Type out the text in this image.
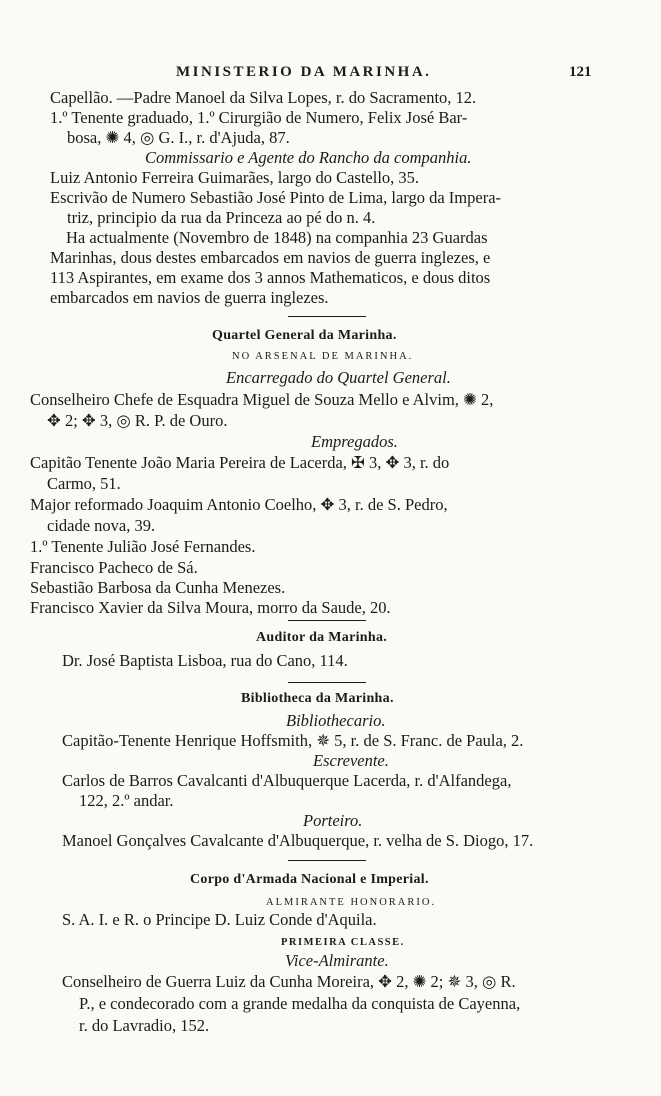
MINISTERIO DA MARINHA.	121

Capellão. —Padre Manoel da Silva Lopes, r. do Sacramento, 12.

1.º Tenente graduado, 1.º Cirurgião de Numero, Felix José Bar-

bosa, ✺ 4, ◎ G. I., r. d'Ajuda, 87.

Commissario e Agente do Rancho da companhia.

Luiz Antonio Ferreira Guimarães, largo do Castello, 35.

Escrivão de Numero Sebastião José Pinto de Lima, largo da Impera-

triz, principio da rua da Princeza ao pé do n. 4.

Ha actualmente (Novembro de 1848) na companhia 23 Guardas

Marinhas, dous destes embarcados em navios de guerra inglezes, e

113 Aspirantes, em exame dos 3 annos Mathematicos, e dous ditos

embarcados em navios de guerra inglezes.

Quartel General da Marinha.

NO ARSENAL DE MARINHA.

Encarregado do Quartel General.

Conselheiro Chefe de Esquadra Miguel de Souza Mello e Alvim, ✺ 2,

✥ 2; ✥ 3, ◎ R. P. de Ouro.

Empregados.

Capitão Tenente João Maria Pereira de Lacerda, ✠ 3, ✥ 3, r. do

Carmo, 51.

Major reformado Joaquim Antonio Coelho, ✥ 3, r. de S. Pedro,

cidade nova, 39.

1.º Tenente Julião José Fernandes.

Francisco Pacheco de Sá.

Sebastião Barbosa da Cunha Menezes.

Francisco Xavier da Silva Moura, morro da Saude, 20.

Auditor da Marinha.

Dr. José Baptista Lisboa, rua do Cano, 114.

Bibliotheca da Marinha.

Bibliothecario.

Capitão-Tenente Henrique Hoffsmith, ✵ 5, r. de S. Franc. de Paula, 2.

Escrevente.

Carlos de Barros Cavalcanti d'Albuquerque Lacerda, r. d'Alfandega,

122, 2.º andar.

Porteiro.

Manoel Gonçalves Cavalcante d'Albuquerque, r. velha de S. Diogo, 17.

Corpo d'Armada Nacional e Imperial.

ALMIRANTE HONORARIO.

S. A. I. e R. o Principe D. Luiz Conde d'Aquila.

PRIMEIRA CLASSE.

Vice-Almirante.

Conselheiro de Guerra Luiz da Cunha Moreira, ✥ 2, ✺ 2; ✵ 3, ◎ R.

P., e condecorado com a grande medalha da conquista de Cayenna,

r. do Lavradio, 152.
